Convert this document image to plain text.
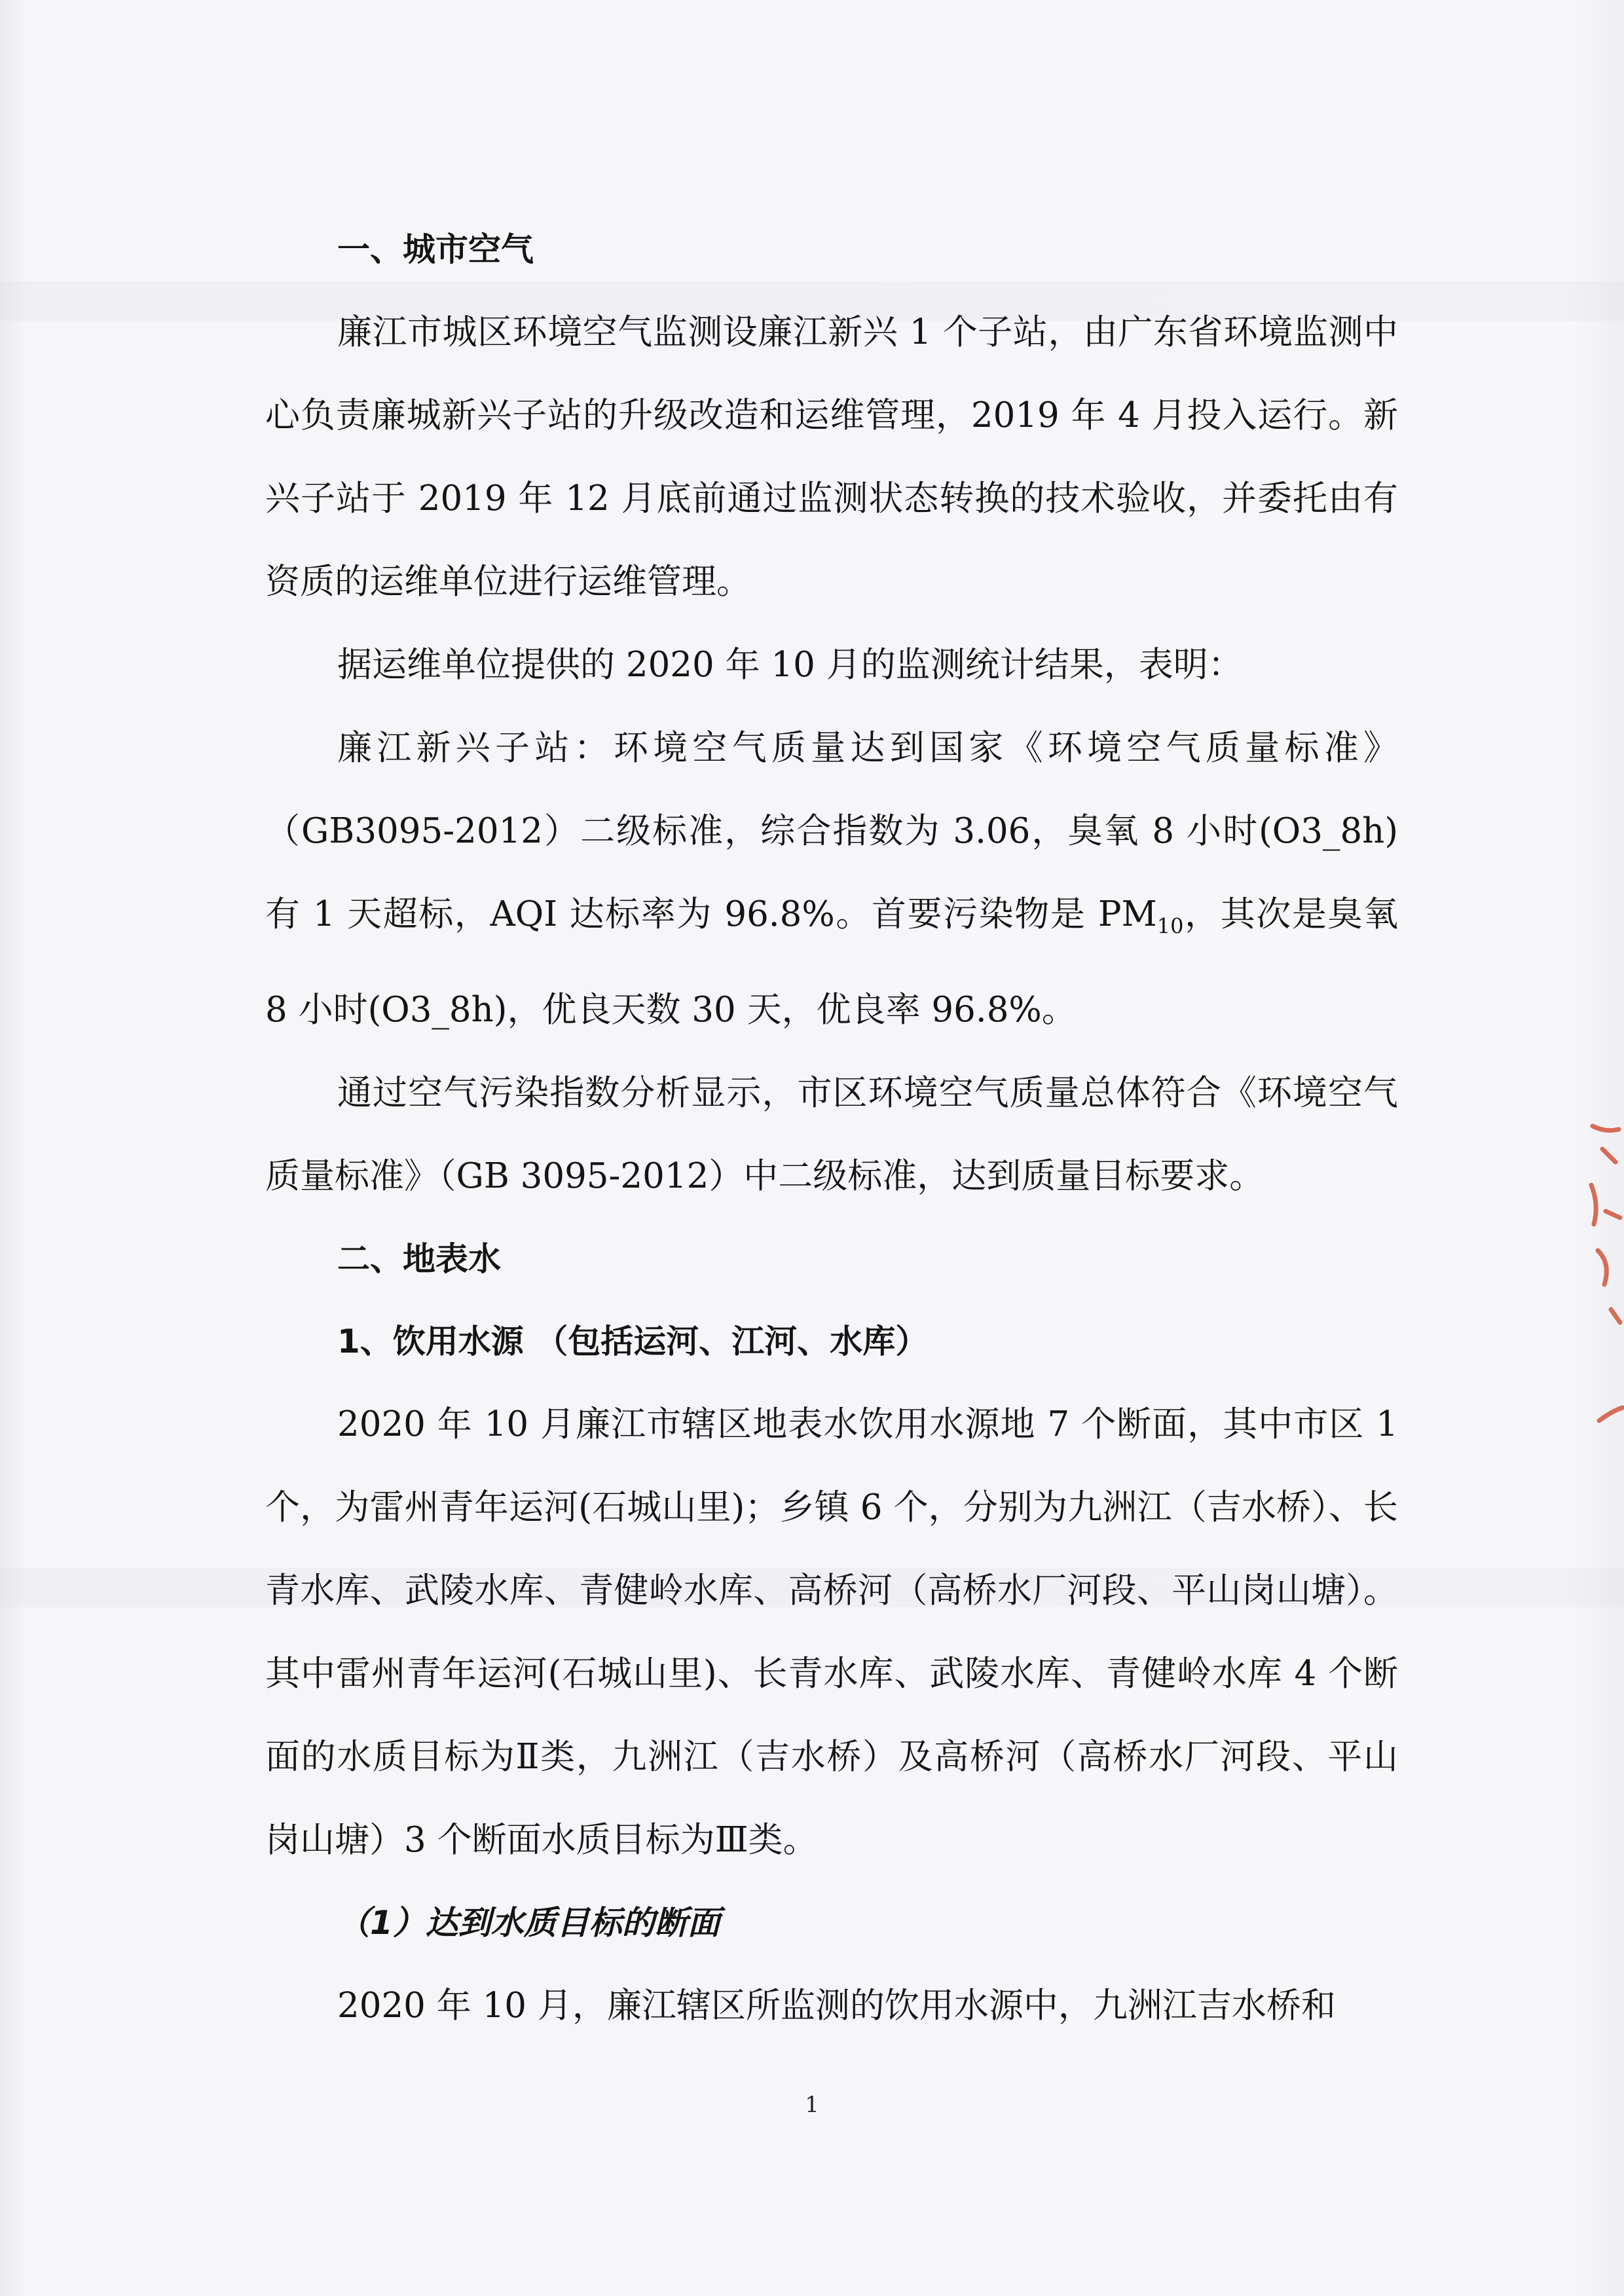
一、城市空气

廉江市城区环境空气监测设廉江新兴 1 个子站，由广东省环境监测中心负责廉城新兴子站的升级改造和运维管理，2019 年 4 月投入运行。新兴子站于 2019 年 12 月底前通过监测状态转换的技术验收，并委托由有资质的运维单位进行运维管理。

据运维单位提供的 2020 年 10 月的监测统计结果，表明：

廉江新兴子站：环境空气质量达到国家《环境空气质量标准》（GB3095-2012）二级标准，综合指数为 3.06，臭氧 8 小时(O3_8h)有 1 天超标，AQI 达标率为 96.8%。首要污染物是 $PM_{10}$，其次是臭氧 8 小时(O3_8h)，优良天数 30 天，优良率 96.8%。

通过空气污染指数分析显示，市区环境空气质量总体符合《环境空气质量标准》（GB 3095-2012）中二级标准，达到质量目标要求。

二、地表水

1、饮用水源 （包括运河、江河、水库）

2020 年 10 月廉江市辖区地表水饮用水源地 7 个断面，其中市区 1 个，为雷州青年运河(石城山里)；乡镇 6 个，分别为九洲江（吉水桥）、长青水库、武陵水库、青健岭水库、高桥河（高桥水厂河段、平山岗山塘）。其中雷州青年运河(石城山里)、长青水库、武陵水库、青健岭水库 4 个断面的水质目标为Ⅱ类，九洲江（吉水桥）及高桥河（高桥水厂河段、平山岗山塘）3 个断面水质目标为Ⅲ类。

（1）达到水质目标的断面

2020 年 10 月，廉江辖区所监测的饮用水源中，九洲江吉水桥和

1
